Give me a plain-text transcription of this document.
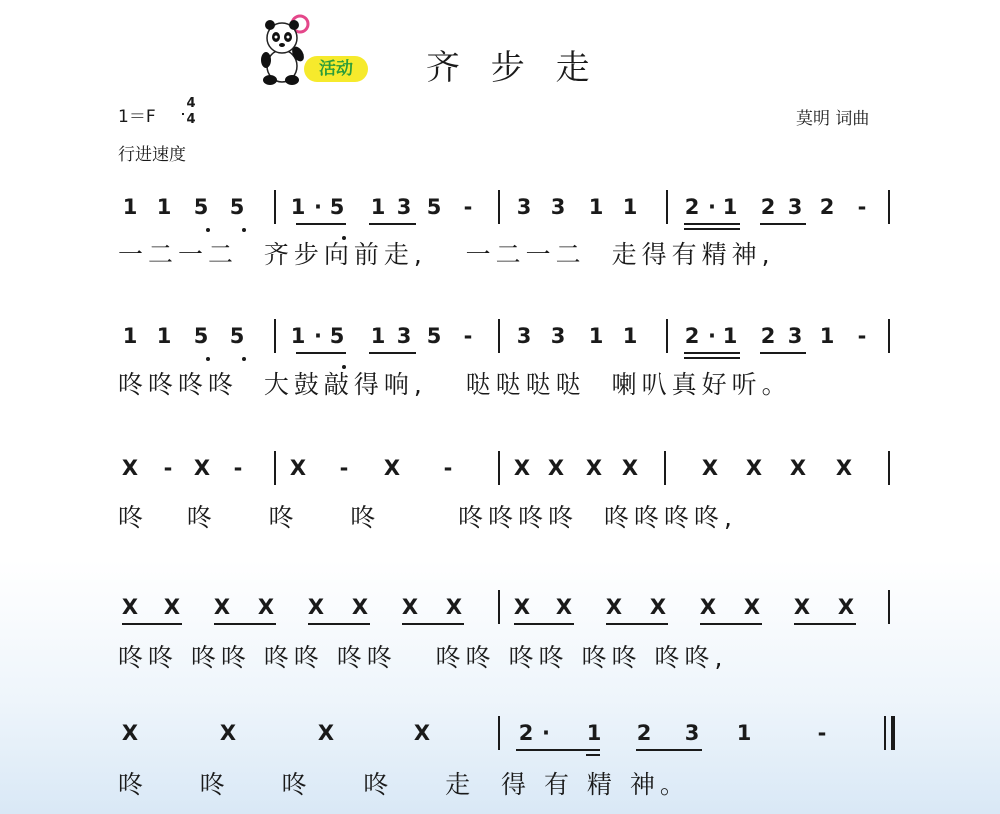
活动	齐 步 走
1＝F
4
4
行进速度
莫明 词曲
1 1 5 5 1 · 5 1 3 5 - 3 3 1 1 2 · 1 2 3 2 -
1 1 5 5 1 · 5 1 3 5 - 3 3 1 1 2 · 1 2 3 1 -
X - X - X - X -	X X X X	X X X X
X X X X X X X X X X X X X X X X
X	X	X	X	2 · 1 2 3 1	-
一二一二  齐步向前走,   一二一二  走得有精神,
咚咚咚咚  大鼓敲得响,   哒哒哒哒  喇叭真好听。
咚   咚    咚    咚      咚咚咚咚  咚咚咚咚,
咚咚 咚咚 咚咚 咚咚   咚咚 咚咚 咚咚 咚咚,
咚    咚    咚    咚    走  得 有 精 神。
